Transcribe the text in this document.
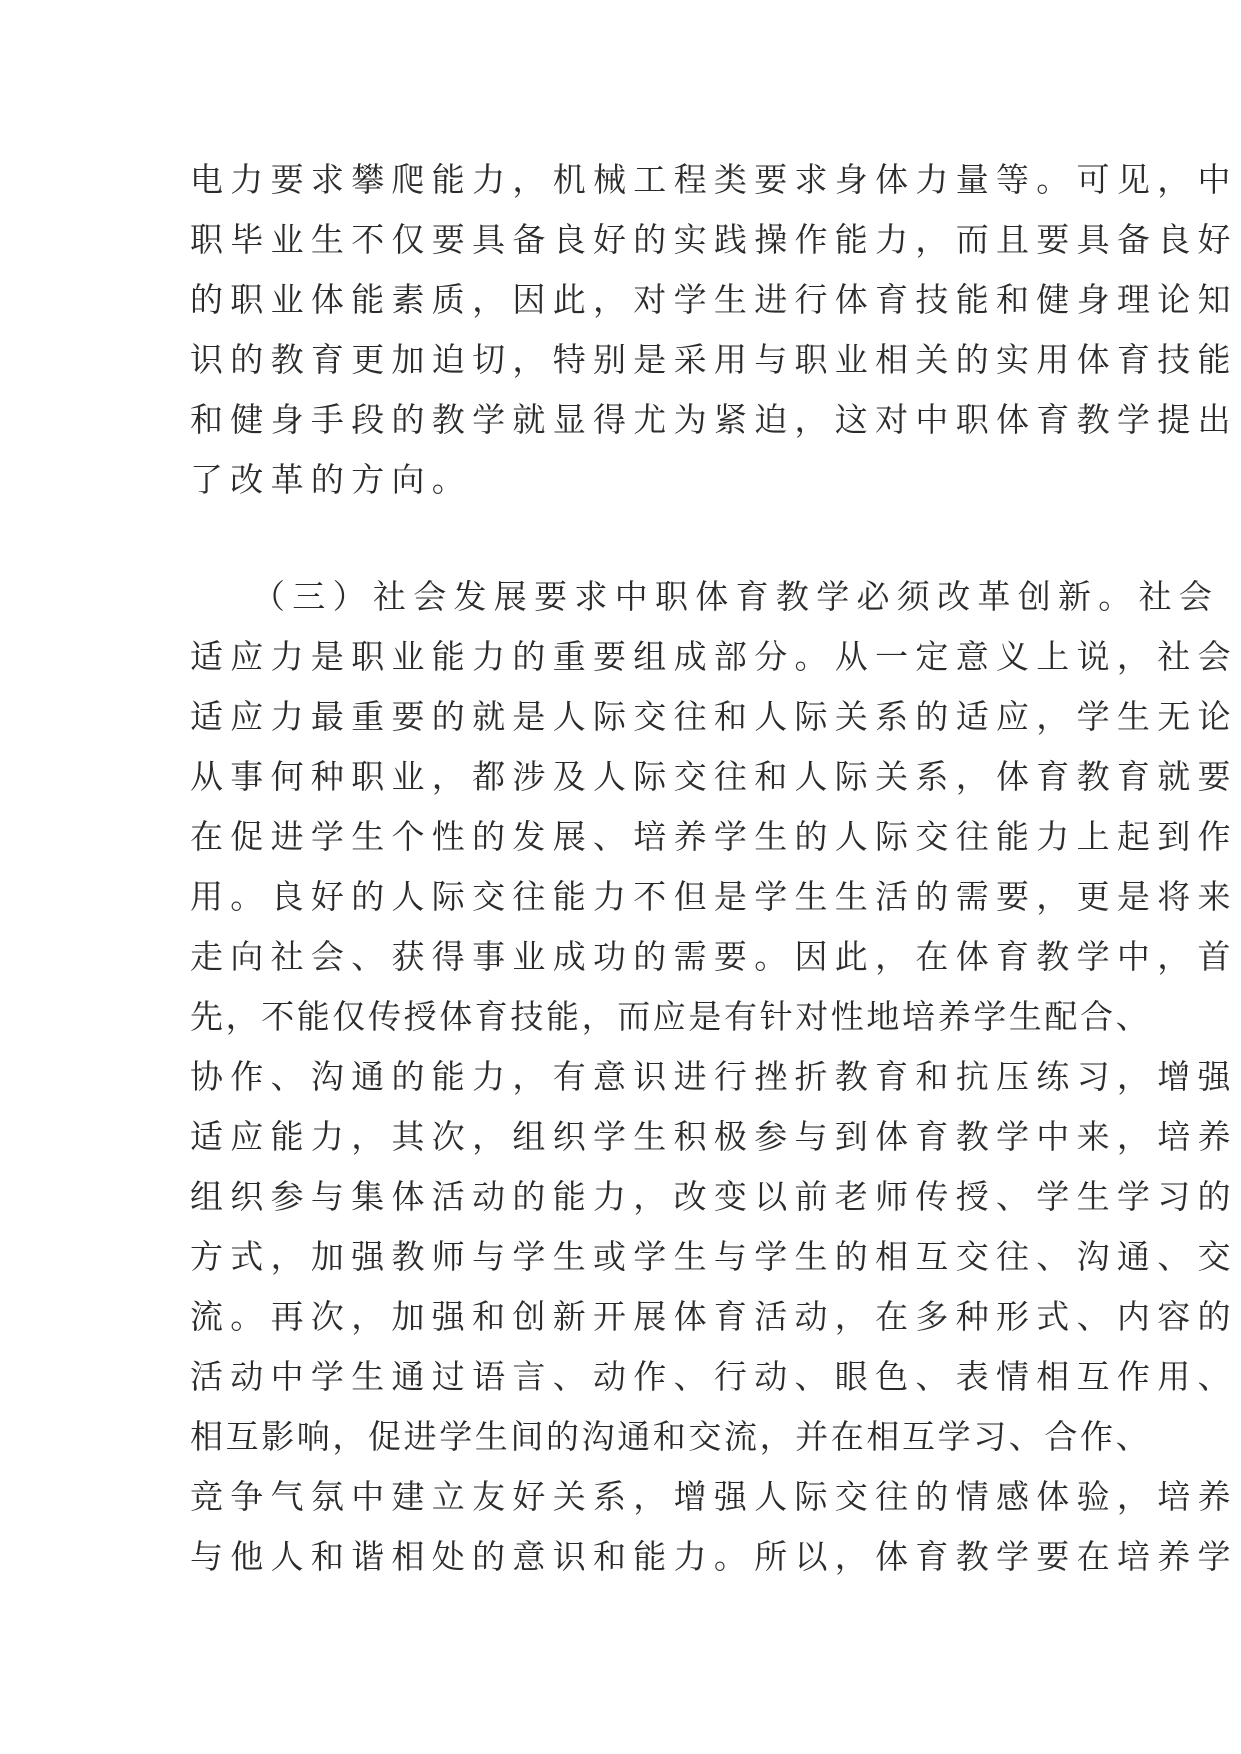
电力要求攀爬能力，机械工程类要求身体力量等。可见，中
职毕业生不仅要具备良好的实践操作能力，而且要具备良好
的职业体能素质，因此，对学生进行体育技能和健身理论知
识的教育更加迫切，特别是采用与职业相关的实用体育技能
和健身手段的教学就显得尤为紧迫，这对中职体育教学提出
了改革的方向。
（三）社会发展要求中职体育教学必须改革创新。社会
适应力是职业能力的重要组成部分。从一定意义上说，社会
适应力最重要的就是人际交往和人际关系的适应，学生无论
从事何种职业，都涉及人际交往和人际关系，体育教育就要
在促进学生个性的发展、培养学生的人际交往能力上起到作
用。良好的人际交往能力不但是学生生活的需要，更是将来
走向社会、获得事业成功的需要。因此，在体育教学中，首
先，不能仅传授体育技能，而应是有针对性地培养学生配合、
协作、沟通的能力，有意识进行挫折教育和抗压练习，增强
适应能力，其次，组织学生积极参与到体育教学中来，培养
组织参与集体活动的能力，改变以前老师传授、学生学习的
方式，加强教师与学生或学生与学生的相互交往、沟通、交
流。再次，加强和创新开展体育活动，在多种形式、内容的
活动中学生通过语言、动作、行动、眼色、表情相互作用、
相互影响，促进学生间的沟通和交流，并在相互学习、合作、
竞争气氛中建立友好关系，增强人际交往的情感体验，培养
与他人和谐相处的意识和能力。所以，体育教学要在培养学
